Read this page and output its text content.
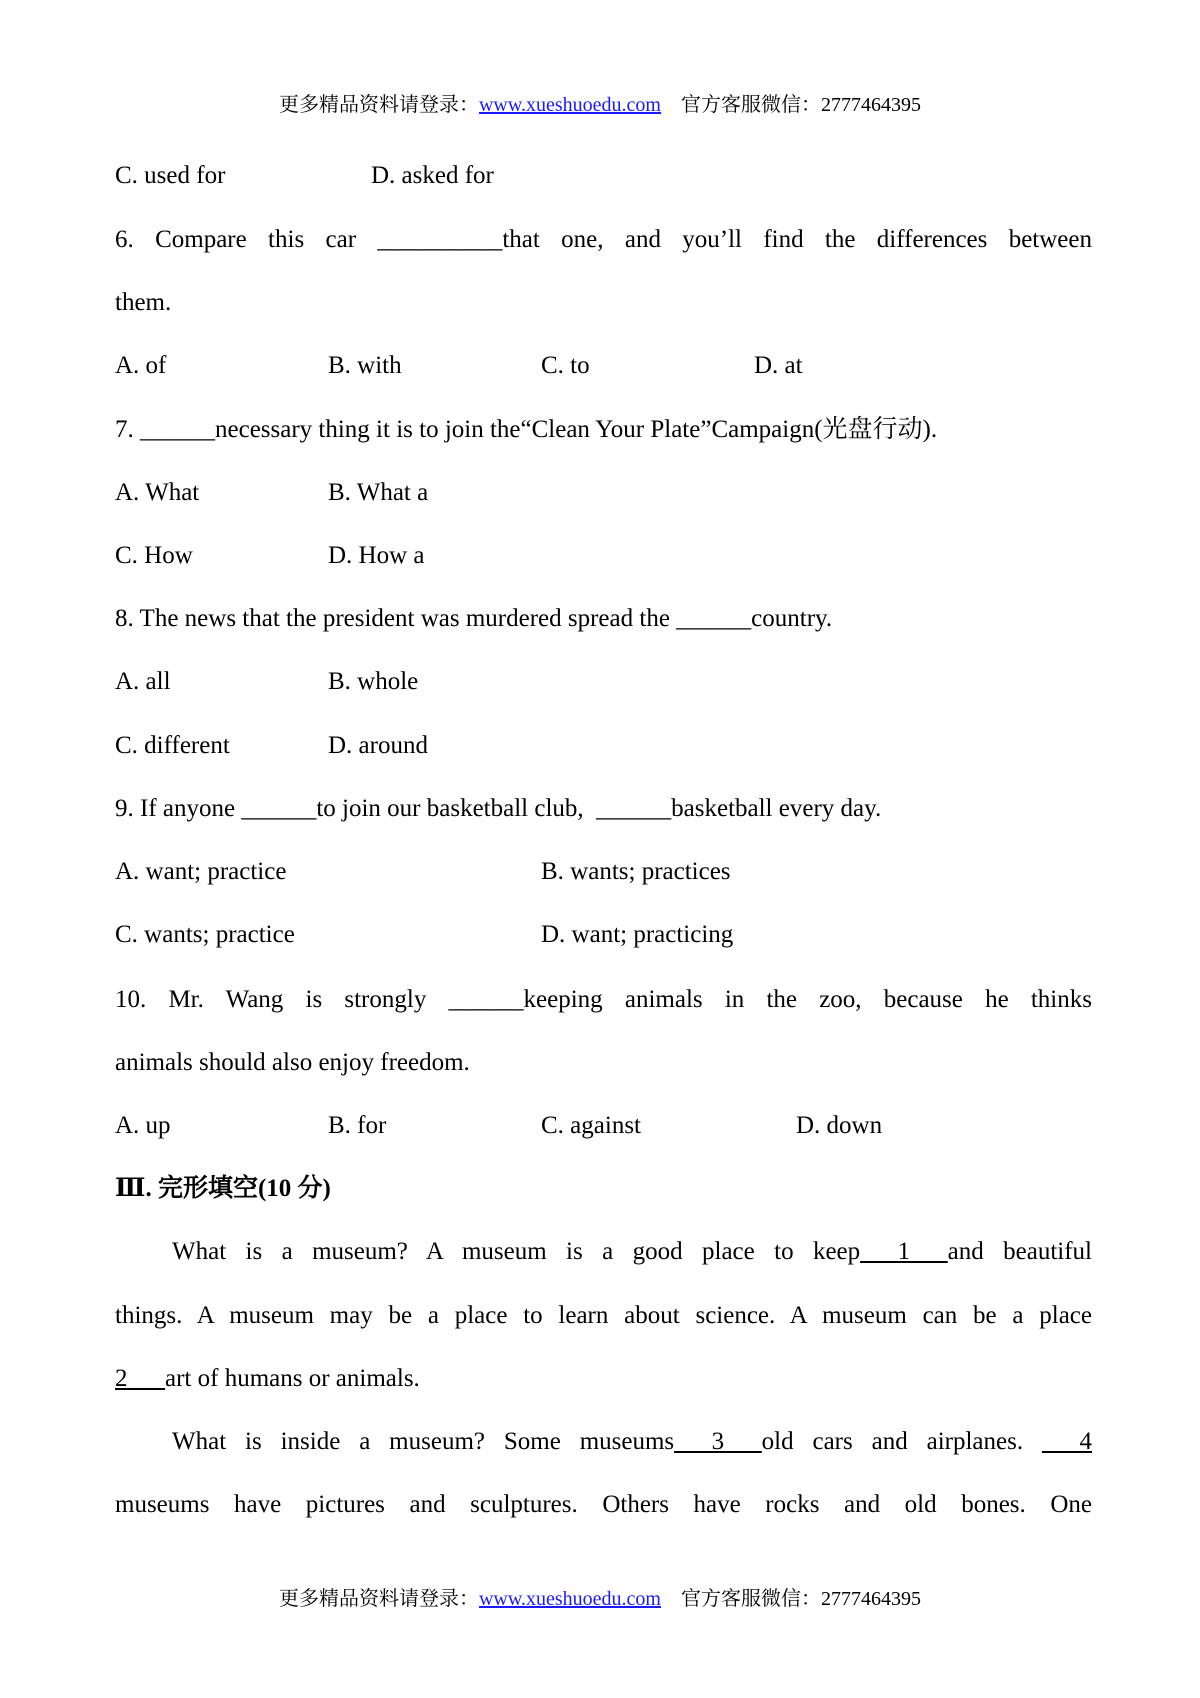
更多精品资料请登录：www.xueshuoedu.com 官方客服微信：2777464395
C. used for	D. asked for
6. Compare this car __________that one, and you’ll find the differences between
them.
A. of	B. with	C. to	D. at
7. ______necessary thing it is to join the“Clean Your Plate”Campaign(光盘行动).
A. What	B. What a
C. How	D. How a
8. The news that the president was murdered spread the ______country.
A. all	B. whole
C. different	D. around
9. If anyone ______to join our basketball club,  ______basketball every day.
A. want; practice	B. wants; practices
C. wants; practice	D. want; practicing
10. Mr. Wang is strongly ______keeping animals in the zoo, because he thinks
animals should also enjoy freedom.
A. up	B. for	C. against	D. down
Ⅲ. 完形填空(10 分)
What is a museum? A museum is a good place to keep___1___and beautiful
things. A museum may be a place to learn about science. A museum can be a place
2___art of humans or animals.
What is inside a museum? Some museums___3___old cars and airplanes. ___4
museums have pictures and sculptures. Others have rocks and old bones. One
更多精品资料请登录：www.xueshuoedu.com 官方客服微信：2777464395
